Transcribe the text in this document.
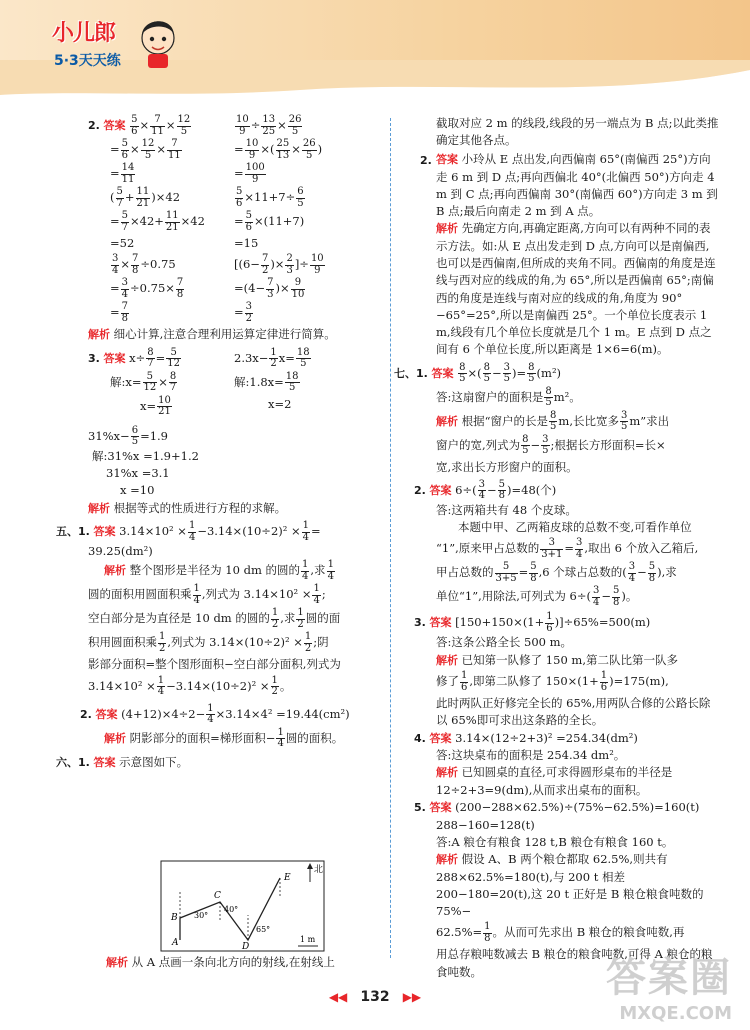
小儿郎
5·3天天练

2. 答案 $\frac{5}{6} \times \frac{7}{11} \times \frac{12}{5}$

= $\frac{5}{6} \times \frac{12}{5} \times \frac{7}{11}$

= $\frac{14}{11}$

( $\frac{5}{7} + \frac{11}{21} )\times 42$

= $\frac{5}{7} \times 42+ \frac{11}{21} \times 42$

=52

$\frac{3}{4} \times \frac{7}{8} \div 0.75$

= $\frac{3}{4} \div 0.75\times \frac{7}{8}$

= $\frac{7}{8}$

$\frac{10}{9} \div \frac{13}{25} \times \frac{26}{5}$

= $\frac{10}{9}$ ×( $\frac{25}{13} \times \frac{26}{5}$ )

= $\frac{100}{9}$

$\frac{5}{6} \times 11+7\div \frac{6}{5}$

= $\frac{5}{6} \times(11+7)$

=15

[($6- \frac{7}{2}$ )× $\frac{2}{3}$ ]÷ $\frac{10}{9}$

$=(4- \frac{7}{3}$ )× $\frac{9}{10}$

= $\frac{3}{2}$

解析 细心计算,注意合理利用运算定律进行简算。

3. 答案 $x\div \frac{8}{7} = \frac{5}{12}$

解:x= $\frac{5}{12} \times \frac{8}{7}$

$x= \frac{10}{21}$

$2.3x- \frac{1}{2} x= \frac{18}{5}$

解:1.8x= $\frac{18}{5}$

x=2

$31\%x- \frac{6}{5} =1.9$

解:31%x =1.9+1.2

31%x =3.1

x =10

解析 根据等式的性质进行方程的求解。

五、1. 答案 $3.14\times 10^2 \times \frac{1}{4} -3.14\times(10\div 2)^2 \times \frac{1}{4}$ =

39.25(dm²)

解析 整个图形是半径为 10 dm 的圆的 $\frac{1}{4}$ ,求 $\frac{1}{4}$

圆的面积用圆面积乘 $\frac{1}{4}$ ,列式为 $3.14\times 10^2 \times \frac{1}{4}$ ;

空白部分是为直径是 10 dm 的圆的 $\frac{1}{2}$ ,求 $\frac{1}{2}$ 圆的面

积用圆面积乘 $\frac{1}{2}$ ,列式为 $3.14\times(10\div 2)^2 \times \frac{1}{2}$ ;阴

影部分面积=整个图形面积−空白部分面积,列式为

$3.14\times 10^2 \times \frac{1}{4} -3.14\times(10\div 2)^2 \times \frac{1}{2}$ 。

2. 答案 $(4+12)\times 4\div 2- \frac{1}{4} \times 3.14\times 4^2 =19.44(cm^2)$

解析 阴影部分的面积=梯形面积− $\frac{1}{4}$ 圆的面积。

六、1. 答案 示意图如下。

北
A
B
C
D
E
30°
40°
65°
1 m
解析 从 A 点画一条向北方向的射线,在射线上

截取对应 2 m 的线段,线段的另一端点为 B 点;以此类推确定其他各点。

2. 答案 小玲从 E 点出发,向西偏南 65°(南偏西 25°)方向走 6 m 到 D 点;再向西偏北 40°(北偏西 50°)方向走 4 m 到 C 点;再向西偏南 30°(南偏西 60°)方向走 3 m 到 B 点;最后向南走 2 m 到 A 点。

解析 先确定方向,再确定距离,方向可以有两种不同的表示方法。如:从 E 点出发走到 D 点,方向可以是南偏西,也可以是西偏南,但所成的夹角不同。西偏南的角度是连线与西对应的线成的角,为 65°,所以是西偏南 65°;南偏西的角度是连线与南对应的线成的角,角度为 90°−65°=25°,所以是南偏西 25°。一个单位长度表示 1 m,线段有几个单位长度就是几个 1 m。E 点到 D 点之间有 6 个单位长度,所以距离是 1×6=6(m)。

七、1. 答案 $\frac{8}{5}$ ×( $\frac{8}{5} - \frac{3}{5}$ )= $\frac{8}{5} (m^2)$

答:这扇窗户的面积是 $\frac{8}{5} m^2$。

解析 根据“窗户的长是 $\frac{8}{5} m$,长比宽多 $\frac{3}{5} m$”求出

窗户的宽,列式为 $\frac{8}{5} - \frac{3}{5}$ ;根据长方形面积=长×

宽,求出长方形窗户的面积。

2. 答案 $6\div( \frac{3}{4} - \frac{5}{8} )=48$(个)

答:这两箱共有 48 个皮球。

本题中甲、乙两箱皮球的总数不变,可看作单位

“1”,原来甲占总数的 $\frac{3}{3+1} = \frac{3}{4}$ ,取出 6 个放入乙箱后,

甲占总数的 $\frac{5}{3+5} = \frac{5}{8} ,6$ 个球占总数的( $\frac{3}{4} - \frac{5}{8}$ ),求

单位“1”,用除法,可列式为 $6\div( \frac{3}{4} - \frac{5}{8}$ )。

3. 答案 $[150+150\times(1+ \frac{1}{6} )]\div 65\%=500(m)$

答:这条公路全长 500 m。

解析 已知第一队修了 150 m,第二队比第一队多

修了 $\frac{1}{6}$ ,即第二队修了 $150\times(1+ \frac{1}{6} )=175(m)$,

此时两队正好修完全长的 65%,用两队合修的公路长除以 65%即可求出这条路的全长。

4. 答案 3.14×(12÷2+3)² =254.34(dm²)

答:这块桌布的面积是 254.34 dm²。

解析 已知圆桌的直径,可求得圆形桌布的半径是 12÷2+3=9(dm),从而求出桌布的面积。

5. 答案 (200−288×62.5%)÷(75%−62.5%)=160(t)

288−160=128(t)

答:A 粮仓有粮食 128 t,B 粮仓有粮食 160 t。

解析 假设 A、B 两个粮仓都取 62.5%,则共有 288×62.5%=180(t),与 200 t 相差 200−180=20(t),这 20 t 正好是 B 粮仓粮食吨数的 75%−

$62.5\%= \frac{1}{8}$ 。从而可先求出 B 粮仓的粮食吨数,再

用总存粮吨数减去 B 粮仓的粮食吨数,可得 A 粮仓的粮食吨数。

◀◀ 132 ▶▶	答案圈
MXQE.COM
